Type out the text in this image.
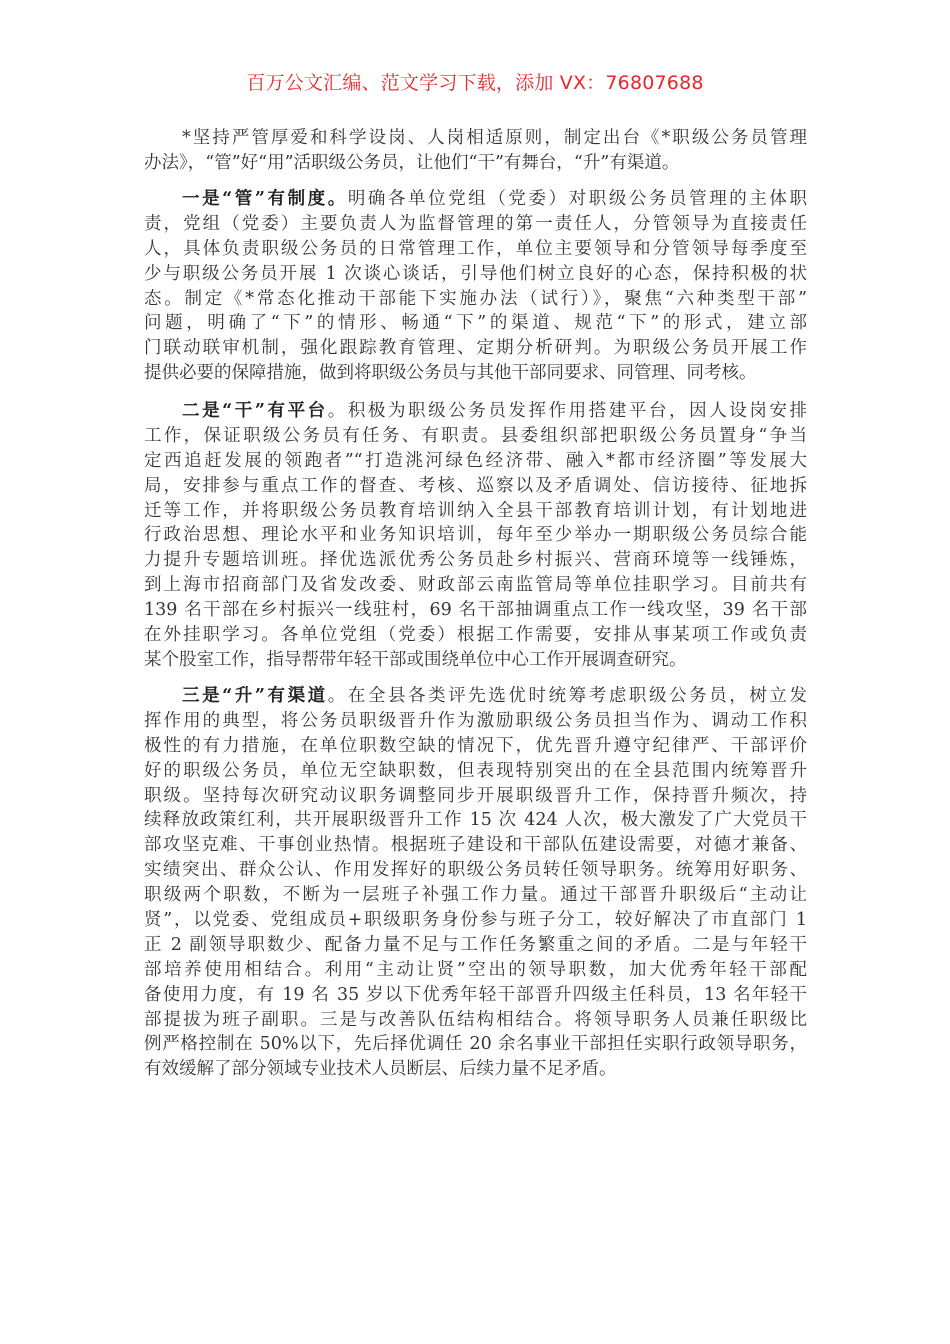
百万公文汇编、范文学习下载，添加 VX：76807688
*坚持严管厚爱和科学设岗、人岗相适原则，制定出台《*职级公务员管理
办法》，“管”好“用”活职级公务员，让他们“干”有舞台，“升”有渠道。
一是“管”有制度。明确各单位党组（党委）对职级公务员管理的主体职
责，党组（党委）主要负责人为监督管理的第一责任人，分管领导为直接责任
人，具体负责职级公务员的日常管理工作，单位主要领导和分管领导每季度至
少与职级公务员开展 1 次谈心谈话，引导他们树立良好的心态，保持积极的状
态。制定《*常态化推动干部能下实施办法（试行）》，聚焦“六种类型干部”
问题，明确了“下”的情形、畅通“下”的渠道、规范“下”的形式，建立部
门联动联审机制，强化跟踪教育管理、定期分析研判。为职级公务员开展工作
提供必要的保障措施，做到将职级公务员与其他干部同要求、同管理、同考核。
二是“干”有平台。积极为职级公务员发挥作用搭建平台，因人设岗安排
工作，保证职级公务员有任务、有职责。县委组织部把职级公务员置身“争当
定西追赶发展的领跑者”“打造洮河绿色经济带、融入*都市经济圈”等发展大
局，安排参与重点工作的督查、考核、巡察以及矛盾调处、信访接待、征地拆
迁等工作，并将职级公务员教育培训纳入全县干部教育培训计划，有计划地进
行政治思想、理论水平和业务知识培训，每年至少举办一期职级公务员综合能
力提升专题培训班。择优选派优秀公务员赴乡村振兴、营商环境等一线锤炼，
到上海市招商部门及省发改委、财政部云南监管局等单位挂职学习。目前共有
139 名干部在乡村振兴一线驻村，69 名干部抽调重点工作一线攻坚，39 名干部
在外挂职学习。各单位党组（党委）根据工作需要，安排从事某项工作或负责
某个股室工作，指导帮带年轻干部或围绕单位中心工作开展调查研究。
三是“升”有渠道。在全县各类评先选优时统筹考虑职级公务员，树立发
挥作用的典型，将公务员职级晋升作为激励职级公务员担当作为、调动工作积
极性的有力措施，在单位职数空缺的情况下，优先晋升遵守纪律严、干部评价
好的职级公务员，单位无空缺职数，但表现特别突出的在全县范围内统筹晋升
职级。坚持每次研究动议职务调整同步开展职级晋升工作，保持晋升频次，持
续释放政策红利，共开展职级晋升工作 15 次 424 人次，极大激发了广大党员干
部攻坚克难、干事创业热情。根据班子建设和干部队伍建设需要，对德才兼备、
实绩突出、群众公认、作用发挥好的职级公务员转任领导职务。统筹用好职务、
职级两个职数，不断为一层班子补强工作力量。通过干部晋升职级后“主动让
贤”，以党委、党组成员+职级职务身份参与班子分工，较好解决了市直部门 1
正 2 副领导职数少、配备力量不足与工作任务繁重之间的矛盾。二是与年轻干
部培养使用相结合。利用“主动让贤”空出的领导职数，加大优秀年轻干部配
备使用力度，有 19 名 35 岁以下优秀年轻干部晋升四级主任科员，13 名年轻干
部提拔为班子副职。三是与改善队伍结构相结合。将领导职务人员兼任职级比
例严格控制在 50%以下，先后择优调任 20 余名事业干部担任实职行政领导职务，
有效缓解了部分领域专业技术人员断层、后续力量不足矛盾。
